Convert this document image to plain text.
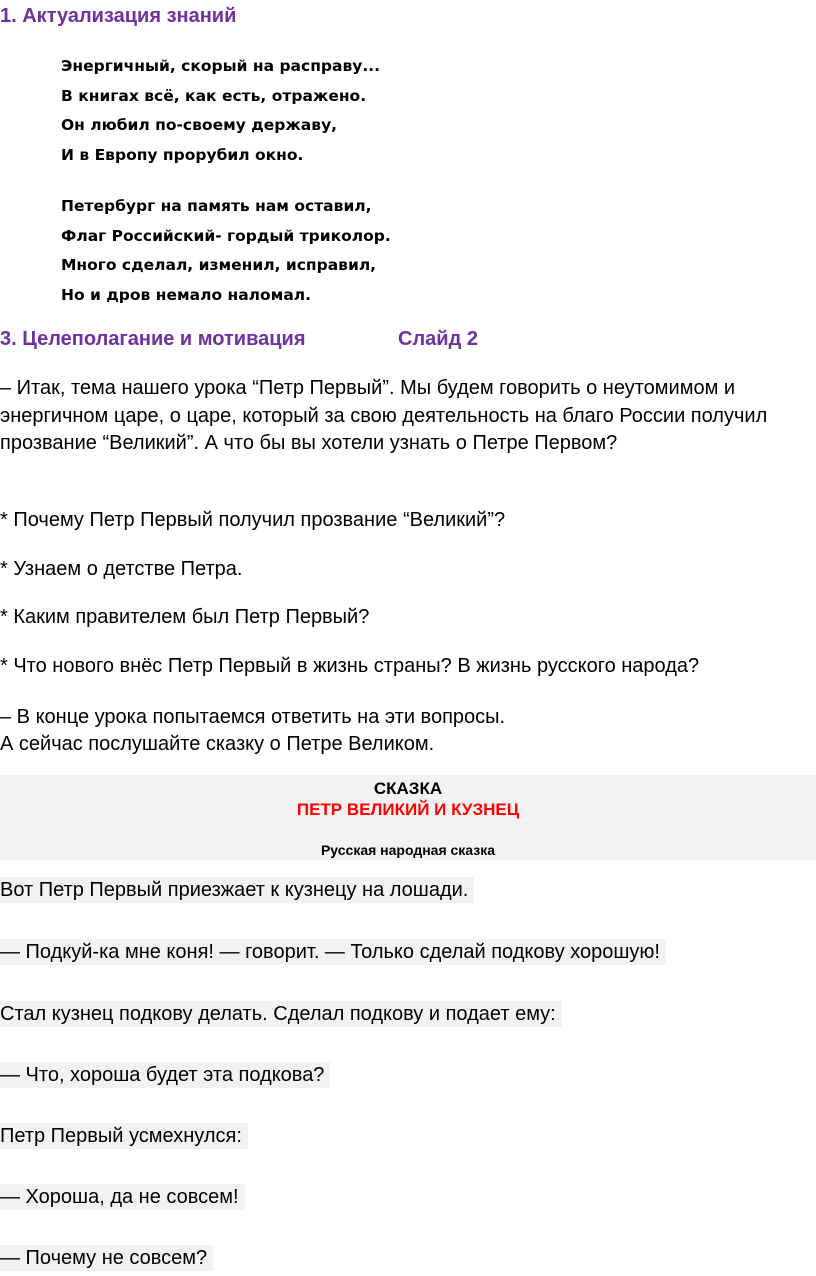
1. Актуализация знаний
Энергичный, скорый на расправу...
В книгах всё, как есть, отражено.
Он любил по-своему державу,
И в Европу прорубил окно.
Петербург на память нам оставил,
Флаг Российский- гордый триколор.
Много сделал, изменил, исправил,
Но и дров немало наломал.
3. Целеполагание и мотивация	Слайд 2
– Итак, тема нашего урока “Петр Первый”. Мы будем говорить о неутомимом и энергичном царе, о царе, который за свою деятельность на благо России получил прозвание “Великий”. А что бы вы хотели узнать о Петре Первом?
* Почему Петр Первый получил прозвание “Великий”?
* Узнаем о детстве Петра.
* Каким правителем был Петр Первый?
* Что нового внёс Петр Первый в жизнь страны? В жизнь русского народа?
– В конце урока попытаемся ответить на эти вопросы.
А сейчас послушайте сказку о Петре Великом.
СКАЗКА
ПЕТР ВЕЛИКИЙ И КУЗНЕЦ
Русская народная сказка
Вот Петр Первый приезжает к кузнецу на лошади.
— Подкуй-ка мне коня! — говорит. — Только сделай подкову хорошую!
Стал кузнец подкову делать. Сделал подкову и подает ему:
— Что, хороша будет эта подкова?
Петр Первый усмехнулся:
— Хороша, да не совсем!
— Почему не совсем?
